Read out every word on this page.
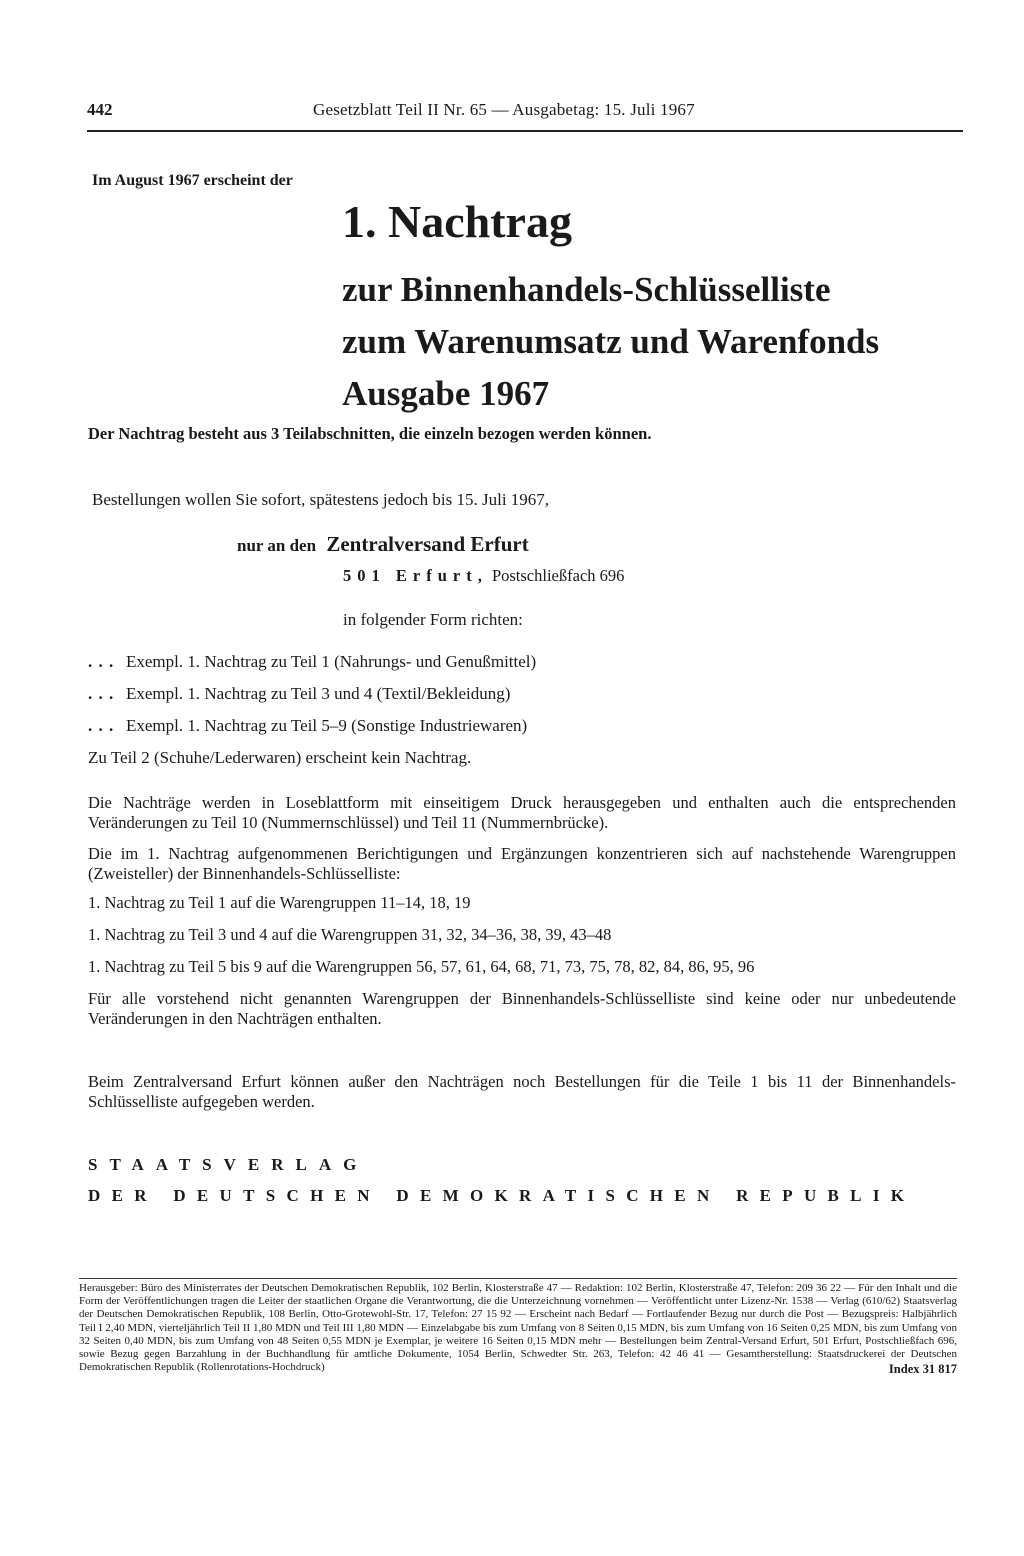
442	Gesetzblatt Teil II Nr. 65 — Ausgabetag: 15. Juli 1967
Im August 1967 erscheint der
1. Nachtrag
zur Binnenhandels-Schlüsselliste
zum Warenumsatz und Warenfonds
Ausgabe 1967
Der Nachtrag besteht aus 3 Teilabschnitten, die einzeln bezogen werden können.
Bestellungen wollen Sie sofort, spätestens jedoch bis 15. Juli 1967,
nur an den Zentralversand Erfurt
501 Erfurt, Postschließfach 696
in folgender Form richten:
. . . Exempl. 1. Nachtrag zu Teil 1 (Nahrungs- und Genußmittel)
. . . Exempl. 1. Nachtrag zu Teil 3 und 4 (Textil/Bekleidung)
. . . Exempl. 1. Nachtrag zu Teil 5–9 (Sonstige Industriewaren)
Zu Teil 2 (Schuhe/Lederwaren) erscheint kein Nachtrag.
Die Nachträge werden in Loseblattform mit einseitigem Druck herausgegeben und enthalten auch die entsprechenden Veränderungen zu Teil 10 (Nummernschlüssel) und Teil 11 (Nummernbrücke).
Die im 1. Nachtrag aufgenommenen Berichtigungen und Ergänzungen konzentrieren sich auf nachstehende Warengruppen (Zweisteller) der Binnenhandels-Schlüsselliste:
1. Nachtrag zu Teil 1 auf die Warengruppen 11–14, 18, 19
1. Nachtrag zu Teil 3 und 4 auf die Warengruppen 31, 32, 34–36, 38, 39, 43–48
1. Nachtrag zu Teil 5 bis 9 auf die Warengruppen 56, 57, 61, 64, 68, 71, 73, 75, 78, 82, 84, 86, 95, 96
Für alle vorstehend nicht genannten Warengruppen der Binnenhandels-Schlüsselliste sind keine oder nur unbedeutende Veränderungen in den Nachträgen enthalten.
Beim Zentralversand Erfurt können außer den Nachträgen noch Bestellungen für die Teile 1 bis 11 der Binnenhandels-Schlüsselliste aufgegeben werden.
STAATSVERLAG
DER DEUTSCHEN DEMOKRATISCHEN REPUBLIK
Herausgeber: Büro des Ministerrates der Deutschen Demokratischen Republik, 102 Berlin, Klosterstraße 47 — Redaktion: 102 Berlin, Klosterstraße 47, Telefon: 209 36 22 — Für den Inhalt und die Form der Veröffentlichungen tragen die Leiter der staatlichen Organe die Verantwortung, die die Unterzeichnung vornehmen — Veröffentlicht unter Lizenz-Nr. 1538 — Verlag (610/62) Staatsverlag der Deutschen Demokratischen Republik, 108 Berlin, Otto-Grotewohl-Str. 17, Telefon: 27 15 92 — Erscheint nach Bedarf — Fortlaufender Bezug nur durch die Post — Bezugspreis: Halbjährlich Teil I 2,40 MDN, vierteljährlich Teil II 1,80 MDN und Teil III 1,80 MDN — Einzelabgabe bis zum Umfang von 8 Seiten 0,15 MDN, bis zum Umfang von 16 Seiten 0,25 MDN, bis zum Umfang von 32 Seiten 0,40 MDN, bis zum Umfang von 48 Seiten 0,55 MDN je Exemplar, je weitere 16 Seiten 0,15 MDN mehr — Bestellungen beim Zentral-Versand Erfurt, 501 Erfurt, Postschließfach 696, sowie Bezug gegen Barzahlung in der Buchhandlung für amtliche Dokumente, 1054 Berlin, Schwedter Str. 263, Telefon: 42 46 41 — Gesamtherstellung: Staatsdruckerei der Deutschen Demokratischen Republik (Rollenrotations-Hochdruck)	Index 31 817
